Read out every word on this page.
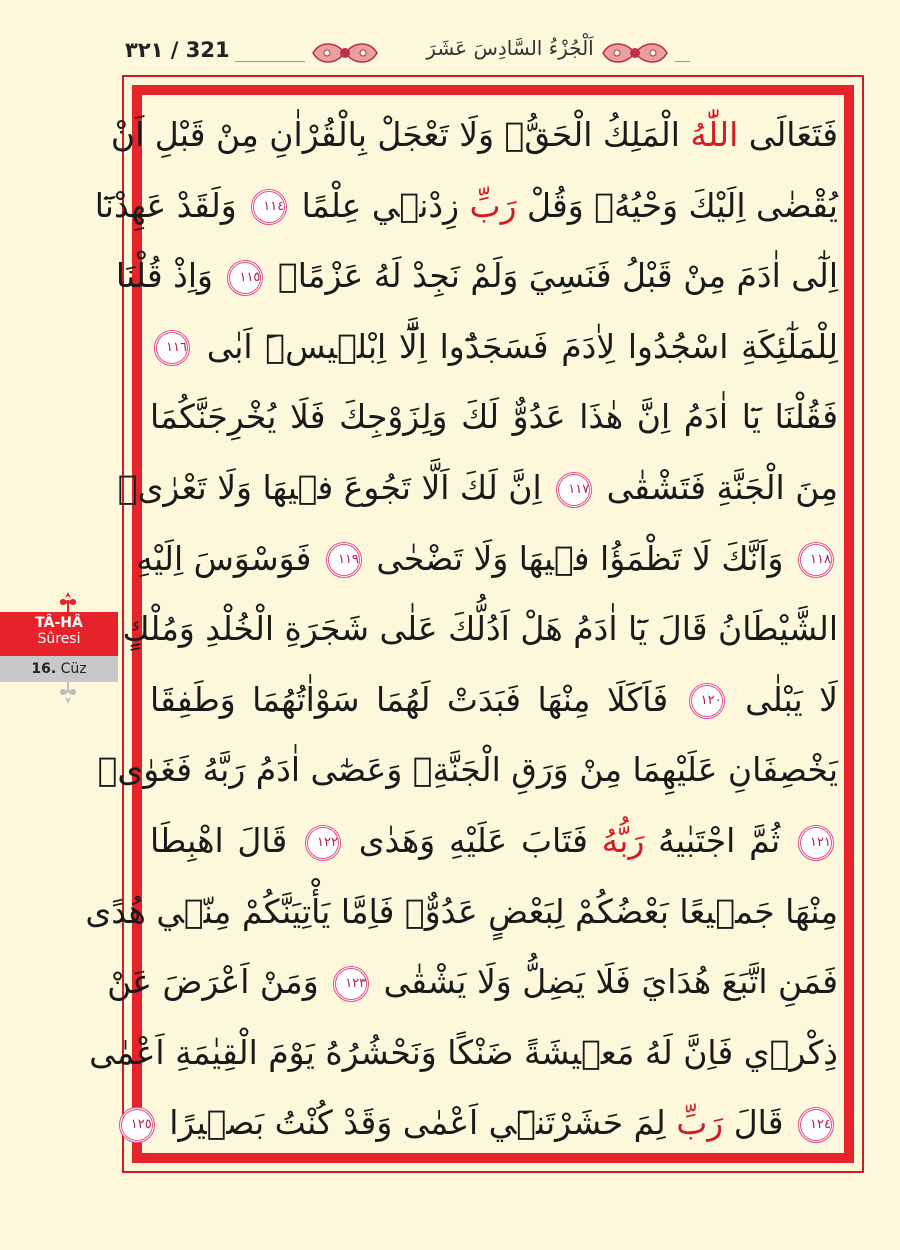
٣٢١ / 321	اَلْجُزْءُ السَّادِسَ عَشَرَ
فَتَعَالَى اللّٰهُ الْمَلِكُ الْحَقُّۚ وَلَا تَعْجَلْ بِالْقُرْاٰنِ مِنْ قَبْلِ اَنْ
يُقْضٰى اِلَيْكَ وَحْيُهُۘ وَقُلْ رَبِّ زِدْن۪ي عِلْمًا ١١٤ وَلَقَدْ عَهِدْنَٓا
اِلٰٓى اٰدَمَ مِنْ قَبْلُ فَنَسِيَ وَلَمْ نَجِدْ لَهُ عَزْمًا۟ ١١٥ وَاِذْ قُلْنَا
لِلْمَلٰٓئِكَةِ اسْجُدُوا لِاٰدَمَ فَسَجَدُٓوا اِلَّٓا اِبْل۪يسَۜ اَبٰى ١١٦
فَقُلْنَا يَٓا اٰدَمُ اِنَّ هٰذَا عَدُوٌّ لَكَ وَلِزَوْجِكَ فَلَا يُخْرِجَنَّكُمَا
مِنَ الْجَنَّةِ فَتَشْقٰى ١١٧ اِنَّ لَكَ اَلَّا تَجُوعَ ف۪يهَا وَلَا تَعْرٰىۙ
١١٨ وَاَنَّكَ لَا تَظْمَؤُا ف۪يهَا وَلَا تَضْحٰى ١١٩ فَوَسْوَسَ اِلَيْهِ
الشَّيْطَانُ قَالَ يَٓا اٰدَمُ هَلْ اَدُلُّكَ عَلٰى شَجَرَةِ الْخُلْدِ وَمُلْكٍ
لَا يَبْلٰى ١٢٠ فَاَكَلَا مِنْهَا فَبَدَتْ لَهُمَا سَوْاٰتُهُمَا وَطَفِقَا
يَخْصِفَانِ عَلَيْهِمَا مِنْ وَرَقِ الْجَنَّةِۘ وَعَصٰٓى اٰدَمُ رَبَّهُ فَغَوٰىۖ
١٢١ ثُمَّ اجْتَبٰيهُ رَبُّهُ فَتَابَ عَلَيْهِ وَهَدٰى ١٢٢ قَالَ اهْبِطَا
مِنْهَا جَم۪يعًا بَعْضُكُمْ لِبَعْضٍ عَدُوٌّۚ فَاِمَّا يَأْتِيَنَّكُمْ مِنّ۪ي هُدًى
فَمَنِ اتَّبَعَ هُدَايَ فَلَا يَضِلُّ وَلَا يَشْقٰى ١٢٣ وَمَنْ اَعْرَضَ عَنْ
ذِكْر۪ي فَاِنَّ لَهُ مَع۪يشَةً ضَنْكًا وَنَحْشُرُهُ يَوْمَ الْقِيٰمَةِ اَعْمٰى
١٢٤ قَالَ رَبِّ لِمَ حَشَرْتَن۪ٓي اَعْمٰى وَقَدْ كُنْتُ بَص۪يرًا ١٢٥
TÂ-HÂ
Sûresi
16. Cüz
